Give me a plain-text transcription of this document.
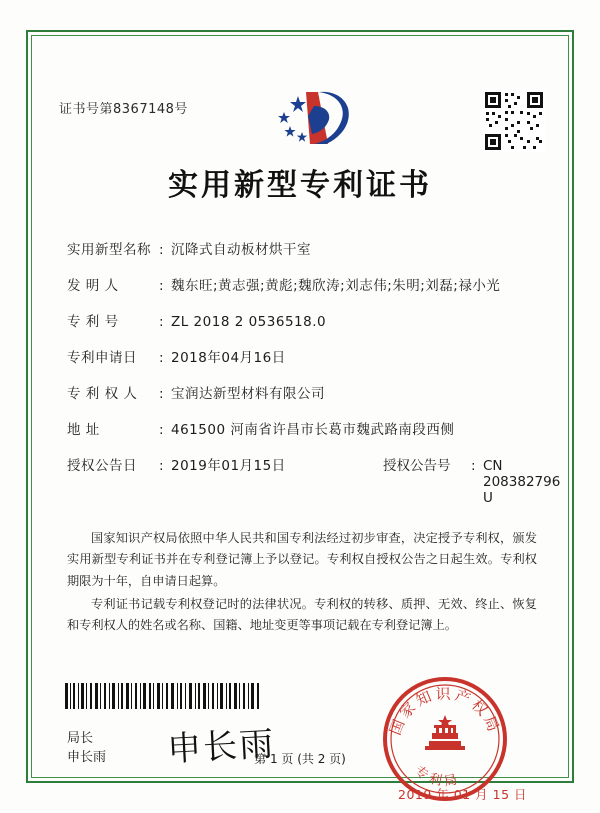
证书号第8367148号
实用新型专利证书
实用新型名称 : 沉降式自动板材烘干室
发 明 人	: 魏东旺;黄志强;黄彪;魏欣涛;刘志伟;朱明;刘磊;禄小光
专 利 号	: ZL 2018 2 0536518.0
专利申请日	: 2018年04月16日
专 利 权 人	: 宝润达新型材料有限公司
地 址	: 461500 河南省许昌市长葛市魏武路南段西侧
授权公告日	: 2019年01月15日	授权公告号	: CN 208382796 U

国家知识产权局依照中华人民共和国专利法经过初步审查，决定授予专利权，颁发实用新型专利证书并在专利登记簿上予以登记。专利权自授权公告之日起生效。专利权期限为十年，自申请日起算。

专利证书记载专利权登记时的法律状况。专利权的转移、质押、无效、终止、恢复和专利权人的姓名或名称、国籍、地址变更等事项记载在专利登记簿上。

局长
申长雨 申长雨	国家知识产权局
专利局
2019 年 01 月 15 日
第 1 页 (共 2 页)
